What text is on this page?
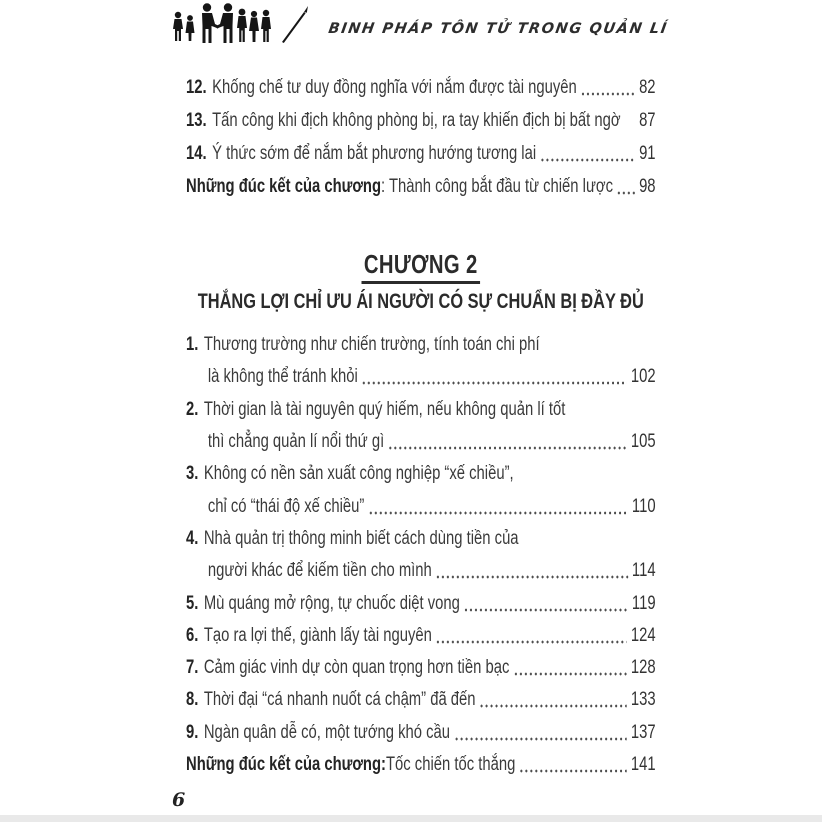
BINH PHÁP TÔN TỬ TRONG QUẢN LÍ
12. Khống chế tư duy đồng nghĩa với nắm được tài nguyên	82
13. Tấn công khi địch không phòng bị, ra tay khiến địch bị bất ngờ 87
14. Ý thức sớm để nắm bắt phương hướng tương lai	91
Những đúc kết của chương : Thành công bắt đầu từ chiến lược 98
CHƯƠNG 2
THẮNG LỢI CHỈ ƯU ÁI NGƯỜI CÓ SỰ CHUẨN BỊ ĐẦY ĐỦ
1. Thương trường như chiến trường, tính toán chi phí
là không thể tránh khỏi	102
2. Thời gian là tài nguyên quý hiếm, nếu không quản lí tốt
thì chẳng quản lí nổi thứ gì	105
3. Không có nền sản xuất công nghiệp “xế chiều”,
chỉ có “thái độ xế chiều”	110
4. Nhà quản trị thông minh biết cách dùng tiền của
người khác để kiếm tiền cho mình	114
5. Mù quáng mở rộng, tự chuốc diệt vong	119
6. Tạo ra lợi thế, giành lấy tài nguyên	124
7. Cảm giác vinh dự còn quan trọng hơn tiền bạc	128
8. Thời đại “cá nhanh nuốt cá chậm” đã đến	133
9. Ngàn quân dễ có, một tướng khó cầu	137
Những đúc kết của chương: Tốc chiến tốc thắng	141
6
